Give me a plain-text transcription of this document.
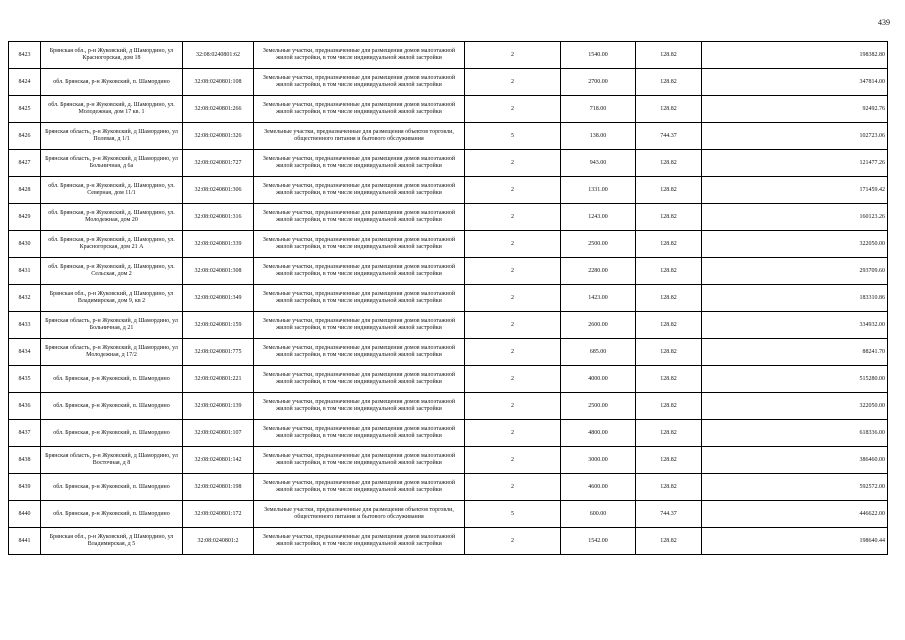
439
8423	Брянская обл., р-н Жуковский, д Шамордино, ул Красногорская, дом 18	32:08:0240801:62	Земельные участки, предназначенные для размещения домов малоэтажной жилой застройки, в том числе индивидуальной жилой застройки	2	1540.00	128.82	198382.80
8424	обл. Брянская, р-н Жуковский, п. Шамордино	32:08:0240801:108	Земельные участки, предназначенные для размещения домов малоэтажной жилой застройки, в том числе индивидуальной жилой застройки	2	2700.00	128.82	347814.00
8425	обл. Брянская, р-н Жуковский, д. Шамордино, ул. Молодежная, дом 17 кв. 1	32:08:0240801:266	Земельные участки, предназначенные для размещения домов малоэтажной жилой застройки, в том числе индивидуальной жилой застройки	2	718.00	128.82	92492.76
8426	Брянская область, р-н Жуковский, д Шамордино, ул Полевая, д 1/1	32:08:0240801:326	Земельные участки, предназначенные для размещения объектов торговли, общественного питания и бытового обслуживания	5	138.00	744.37	102723.06
8427	Брянская область, р-н Жуковский, д Шамордино, ул Больничная, д 6а	32:08:0240801:727	Земельные участки, предназначенные для размещения домов малоэтажной жилой застройки, в том числе индивидуальной жилой застройки	2	943.00	128.82	121477.26
8428	обл. Брянская, р-н Жуковский, д. Шамордино, ул. Северная, дом 11/1	32:08:0240801:306	Земельные участки, предназначенные для размещения домов малоэтажной жилой застройки, в том числе индивидуальной жилой застройки	2	1331.00	128.82	171459.42
8429	обл. Брянская, р-н Жуковский, д. Шамордино, ул. Молодежная, дом 20	32:08:0240801:316	Земельные участки, предназначенные для размещения домов малоэтажной жилой застройки, в том числе индивидуальной жилой застройки	2	1243.00	128.82	160123.26
8430	обл. Брянская, р-н Жуковский, д. Шамордино, ул. Красногорская, дом 21 А	32:08:0240801:339	Земельные участки, предназначенные для размещения домов малоэтажной жилой застройки, в том числе индивидуальной жилой застройки	2	2500.00	128.82	322050.00
8431	обл. Брянская, р-н Жуковский, д. Шамордино, ул. Сельская, дом 2	32:08:0240801:308	Земельные участки, предназначенные для размещения домов малоэтажной жилой застройки, в том числе индивидуальной жилой застройки	2	2280.00	128.82	293709.60
8432	Брянская обл., р-н Жуковский, д Шамордино, ул Владимирская, дом 9, кв 2	32:08:0240801:349	Земельные участки, предназначенные для размещения домов малоэтажной жилой застройки, в том числе индивидуальной жилой застройки	2	1423.00	128.82	183310.86
8433	Брянская область, р-н Жуковский, д Шамордино, ул Больничная, д 21	32:08:0240801:159	Земельные участки, предназначенные для размещения домов малоэтажной жилой застройки, в том числе индивидуальной жилой застройки	2	2600.00	128.82	334932.00
8434	Брянская область, р-н Жуковский, д Шамордино, ул Молодежная, д 17/2	32:08:0240801:775	Земельные участки, предназначенные для размещения домов малоэтажной жилой застройки, в том числе индивидуальной жилой застройки	2	685.00	128.82	88241.70
8435	обл. Брянская, р-н Жуковский, п. Шамордино	32:08:0240801:221	Земельные участки, предназначенные для размещения домов малоэтажной жилой застройки, в том числе индивидуальной жилой застройки	2	4000.00	128.82	515280.00
8436	обл. Брянская, р-н Жуковский, п. Шамордино	32:08:0240801:139	Земельные участки, предназначенные для размещения домов малоэтажной жилой застройки, в том числе индивидуальной жилой застройки	2	2500.00	128.82	322050.00
8437	обл. Брянская, р-н Жуковский, п. Шамордино	32:08:0240801:107	Земельные участки, предназначенные для размещения домов малоэтажной жилой застройки, в том числе индивидуальной жилой застройки	2	4800.00	128.82	618336.00
8438	Брянская область, р-н Жуковский, д Шамордино, ул Восточная, д 8	32:08:0240801:142	Земельные участки, предназначенные для размещения домов малоэтажной жилой застройки, в том числе индивидуальной жилой застройки	2	3000.00	128.82	386460.00
8439	обл. Брянская, р-н Жуковский, п. Шамордино	32:08:0240801:198	Земельные участки, предназначенные для размещения домов малоэтажной жилой застройки, в том числе индивидуальной жилой застройки	2	4600.00	128.82	592572.00
8440	обл. Брянская, р-н Жуковский, п. Шамордино	32:08:0240801:172	Земельные участки, предназначенные для размещения объектов торговли, общественного питания и бытового обслуживания	5	600.00	744.37	446622.00
8441	Брянская обл., р-н Жуковский, д Шамордино, ул Владимирская, д 5	32:08:0240801:2	Земельные участки, предназначенные для размещения домов малоэтажной жилой застройки, в том числе индивидуальной жилой застройки	2	1542.00	128.82	198640.44
